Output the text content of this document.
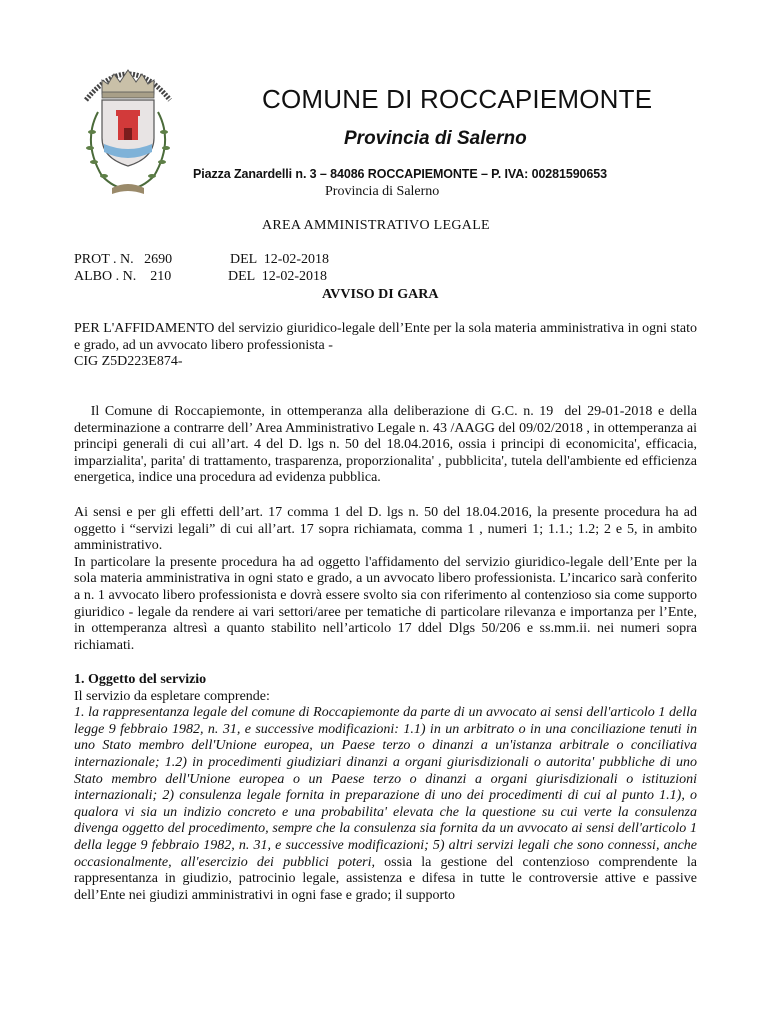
COMUNE DI ROCCAPIEMONTE
Provincia di Salerno
Piazza Zanardelli n. 3 – 84086 ROCCAPIEMONTE – P. IVA: 00281590653
Provincia di Salerno
AREA AMMINISTRATIVO LEGALE
PROT . N.   2690	DEL  12-02-2018
ALBO . N.    210	DEL  12-02-2018
AVVISO DI GARA

PER L'AFFIDAMENTO del servizio giuridico-legale dell’Ente per la sola materia amministrativa in ogni stato e grado, ad un avvocato libero professionista -

CIG Z5D223E874-

Il Comune di Roccapiemonte, in ottemperanza alla deliberazione di G.C. n. 19  del 29-01-2018 e della determinazione a contrarre dell’ Area Amministrativo Legale n. 43 /AAGG del 09/02/2018 , in ottemperanza ai principi generali di cui all’art. 4 del D. lgs n. 50 del 18.04.2016, ossia i principi di economicita', efficacia, imparzialita', parita' di trattamento, trasparenza, proporzionalita' , pubblicita', tutela dell'ambiente ed efficienza energetica, indice una procedura ad evidenza pubblica.

Ai sensi e per gli effetti dell’art. 17 comma 1 del D. lgs n. 50 del 18.04.2016, la presente procedura ha ad oggetto i “servizi legali” di cui all’art. 17 sopra richiamata, comma 1 , numeri 1; 1.1.; 1.2; 2 e 5, in ambito amministrativo.

In particolare la presente procedura ha ad oggetto l'affidamento del servizio giuridico-legale dell’Ente per la sola materia amministrativa in ogni stato e grado, a un avvocato libero professionista. L’incarico sarà conferito a n. 1 avvocato libero professionista e dovrà essere svolto sia con riferimento al contenzioso sia come supporto giuridico - legale da rendere ai vari settori/aree per tematiche di particolare rilevanza e importanza per l’Ente, in ottemperanza altresì a quanto stabilito nell’articolo 17 ddel Dlgs 50/206 e ss.mm.ii. nei numeri sopra richiamati.

1. Oggetto del servizio

Il servizio da espletare comprende:

1. la rappresentanza legale del comune di Roccapiemonte da parte di un avvocato ai sensi dell'articolo 1 della legge 9 febbraio 1982, n. 31, e successive modificazioni: 1.1) in un arbitrato o in una conciliazione tenuti in uno Stato membro dell'Unione europea, un Paese terzo o dinanzi a un'istanza arbitrale o conciliativa internazionale; 1.2) in procedimenti giudiziari dinanzi a organi giurisdizionali o autorita' pubbliche di uno Stato membro dell'Unione europea o un Paese terzo o dinanzi a organi giurisdizionali o istituzioni internazionali; 2) consulenza legale fornita in preparazione di uno dei procedimenti di cui al punto 1.1), o qualora vi sia un indizio concreto e una probabilita' elevata che la questione su cui verte la consulenza divenga oggetto del procedimento, sempre che la consulenza sia fornita da un avvocato ai sensi dell'articolo 1 della legge 9 febbraio 1982, n. 31, e successive modificazioni; 5) altri servizi legali che sono connessi, anche occasionalmente, all'esercizio dei pubblici poteri, ossia la gestione del contenzioso comprendente la rappresentanza in giudizio, patrocinio legale, assistenza e difesa in tutte le controversie attive e passive dell’Ente nei giudizi amministrativi in ogni fase e grado; il supporto
